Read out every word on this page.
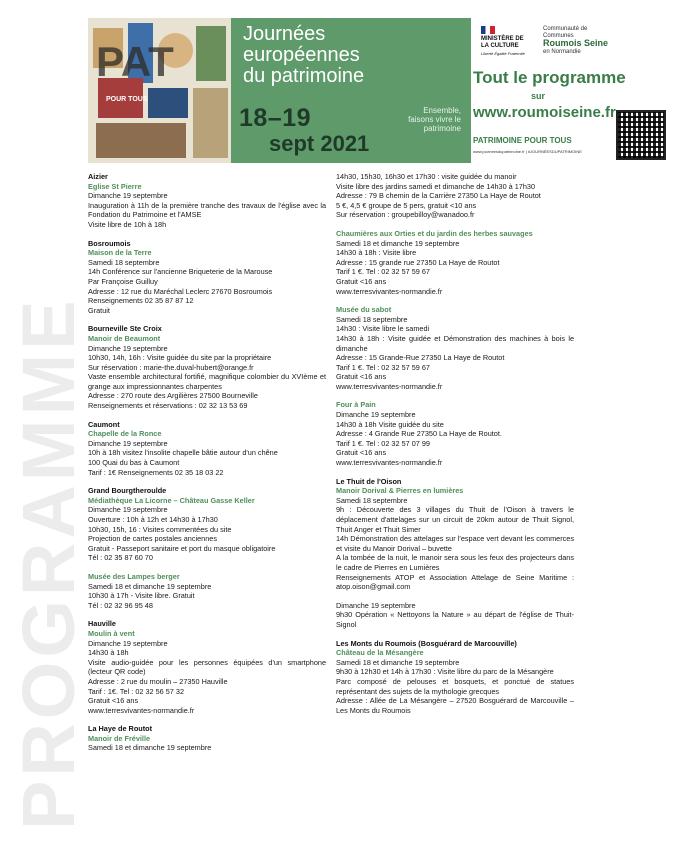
PROGRAMME
PAT
POUR TOUS
Journées
européennes
du patrimoine
18–19
sept 2021
Ensemble, faisons vivre le patrimoine
MINISTÈRE DE LA CULTURE
Liberté Égalité Fraternité
Communauté de Communes
Roumois Seine
en Normandie
Tout le programme
sur
www.roumoiseine.fr
PATRIMOINE POUR TOUS
www.journeesdupatrimoine.fr | #JOURNÉESDUPATRIMOINE
Aizier
Eglise St Pierre
Dimanche 19 septembre
Inauguration à 11h de la première tranche des travaux de l'église avec la Fondation du Patrimoine et l'AMSE
Visite libre de 10h à 18h
Bosroumois
Maison de la Terre
Samedi 18 septembre
14h Conférence sur l'ancienne Briqueterie de la Marouse
Par Françoise Guilluy
Adresse : 12 rue du Maréchal Leclerc 27670 Bosroumois
Renseignements 02 35 87 87 12
Gratuit
Bourneville Ste Croix
Manoir de Beaumont
Dimanche 19 septembre
10h30, 14h, 16h : Visite guidée du site par la propriétaire
Sur réservation : marie-the.duval-hubert@orange.fr
Vaste ensemble architectural fortifié, magnifique colombier du XVIème et grange aux impressionnantes charpentes
Adresse : 270 route des Argilières 27500 Bourneville
Renseignements et réservations : 02 32 13 53 69
Caumont
Chapelle de la Ronce
Dimanche 19 septembre
10h à 18h visitez l'insolite chapelle bâtie autour d'un chêne
100 Quai du bas à Caumont
Tarif : 1€ Renseignements 02 35 18 03 22
Grand Bourgtheroulde
Médiathèque La Licorne – Château Gasse Keller
Dimanche 19 septembre
Ouverture : 10h à 12h et 14h30 à 17h30
10h30, 15h, 16 : Visites commentées du site
Projection de cartes postales anciennes
Gratuit - Passeport sanitaire et port du masque obligatoire
Tél : 02 35 87 60 70
Musée des Lampes berger
Samedi 18 et dimanche 19 septembre
10h30 à 17h - Visite libre. Gratuit
Tél : 02 32 96 95 48
Hauville
Moulin à vent
Dimanche 19 septembre
14h30 à 18h
Visite audio-guidée pour les personnes équipées d'un smartphone (lecteur QR code)
Adresse : 2 rue du moulin – 27350 Hauville
Tarif : 1€. Tel : 02 32 56 57 32
Gratuit <16 ans
www.terresvivantes-normandie.fr
La Haye de Routot
Manoir de Fréville
Samedi 18 et dimanche 19 septembre
14h30, 15h30, 16h30 et 17h30 : visite guidée du manoir
Visite libre des jardins samedi et dimanche de 14h30 à 17h30
Adresse : 79 B chemin de la Carrière 27350 La Haye de Routot
5 €, 4,5 € groupe de 5 pers, gratuit <10 ans
Sur réservation : groupebilloy@wanadoo.fr
Chaumières aux Orties et du jardin des herbes sauvages
Samedi 18 et dimanche 19 septembre
14h30 à 18h : Visite libre
Adresse : 15 grande rue 27350 La Haye de Routot
Tarif 1 €. Tel : 02 32 57 59 67
Gratuit <16 ans
www.terresvivantes-normandie.fr
Musée du sabot
Samedi 18 septembre
14h30 : Visite libre le samedi
14h30 à 18h : Visite guidée et Démonstration des machines à bois le dimanche
Adresse : 15 Grande-Rue 27350 La Haye de Routot
Tarif 1 €. Tel : 02 32 57 59 67
Gratuit <16 ans
www.terresvivantes-normandie.fr
Four à Pain
Dimanche 19 septembre
14h30 à 18h Visite guidée du site
Adresse : 4 Grande Rue 27350 La Haye de Routot.
Tarif 1 €. Tel : 02 32 57 07 99
Gratuit <16 ans
www.terresvivantes-normandie.fr
Le Thuit de l'Oison
Manoir Dorival & Pierres en lumières
Samedi 18 septembre
9h : Découverte des 3 villages du Thuit de l'Oison à travers le déplacement d'attelages sur un circuit de 20km autour de Thuit Signol, Thuit Anger et Thuit Simer
14h Démonstration des attelages sur l'espace vert devant les commerces et visite du Manoir Dorival – buvette
A la tombée de la nuit, le manoir sera sous les feux des projecteurs dans le cadre de Pierres en Lumières
Renseignements ATOP et Association Attelage de Seine Maritime : atop.oison@gmail.com
Dimanche 19 septembre
9h30 Opération « Nettoyons la Nature » au départ de l'église de Thuit-Signol
Les Monts du Roumois (Bosguérard de Marcouville)
Château de la Mésangère
Samedi 18 et dimanche 19 septembre
9h30 à 12h30 et 14h à 17h30 : Visite libre du parc de la Mésangère
Parc composé de pelouses et bosquets, et ponctué de statues représentant des sujets de la mythologie grecques
Adresse : Allée de La Mésangère – 27520 Bosguérard de Marcouville – Les Monts du Roumois
